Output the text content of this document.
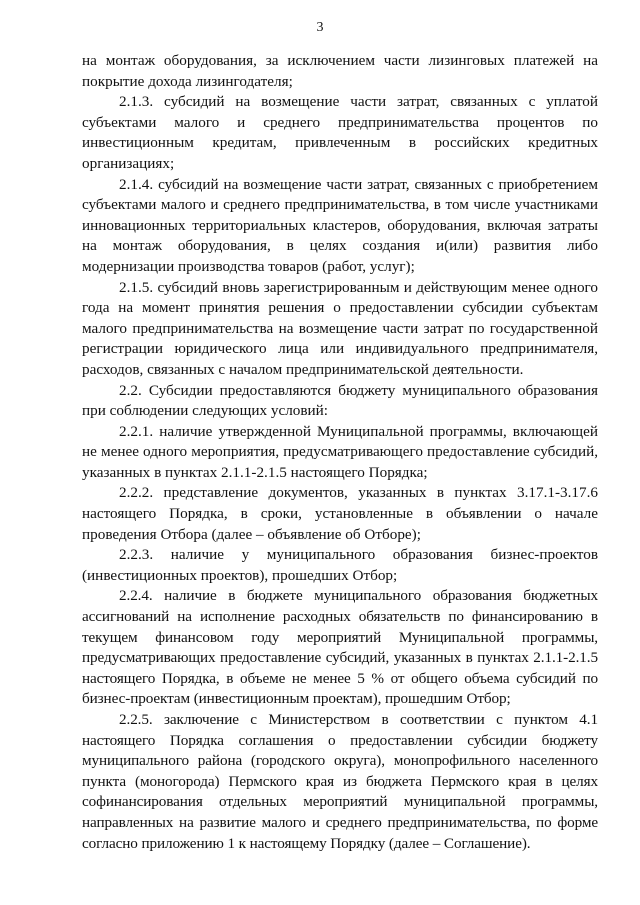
3

на монтаж оборудования, за исключением части лизинговых платежей на покрытие дохода лизингодателя;

2.1.3. субсидий на возмещение части затрат, связанных с уплатой субъектами малого и среднего предпринимательства процентов по инвестиционным кредитам, привлеченным в российских кредитных организациях;

2.1.4. субсидий на возмещение части затрат, связанных с приобретением субъектами малого и среднего предпринимательства, в том числе участниками инновационных территориальных кластеров, оборудования, включая затраты на монтаж оборудования, в целях создания и(или) развития либо модернизации производства товаров (работ, услуг);

2.1.5. субсидий вновь зарегистрированным и действующим менее одного года на момент принятия решения о предоставлении субсидии субъектам малого предпринимательства на возмещение части затрат по государственной регистрации юридического лица или индивидуального предпринимателя, расходов, связанных с началом предпринимательской деятельности.

2.2. Субсидии предоставляются бюджету муниципального образования при соблюдении следующих условий:

2.2.1. наличие утвержденной Муниципальной программы, включающей не менее одного мероприятия, предусматривающего предоставление субсидий, указанных в пунктах 2.1.1-2.1.5 настоящего Порядка;

2.2.2. представление документов, указанных в пунктах 3.17.1-3.17.6 настоящего Порядка, в сроки, установленные в объявлении о начале проведения Отбора (далее – объявление об Отборе);

2.2.3. наличие у муниципального образования бизнес-проектов (инвестиционных проектов), прошедших Отбор;

2.2.4. наличие в бюджете муниципального образования бюджетных ассигнований на исполнение расходных обязательств по финансированию в текущем финансовом году мероприятий Муниципальной программы, предусматривающих предоставление субсидий, указанных в пунктах 2.1.1-2.1.5 настоящего Порядка, в объеме не менее 5 % от общего объема субсидий по бизнес-проектам (инвестиционным проектам), прошедшим Отбор;

2.2.5. заключение с Министерством в соответствии с пунктом 4.1 настоящего Порядка соглашения о предоставлении субсидии бюджету муниципального района (городского округа), монопрофильного населенного пункта (моногорода) Пермского края из бюджета Пермского края в целях софинансирования отдельных мероприятий муниципальной программы, направленных на развитие малого и среднего предпринимательства, по форме согласно приложению 1 к настоящему Порядку (далее – Соглашение).
